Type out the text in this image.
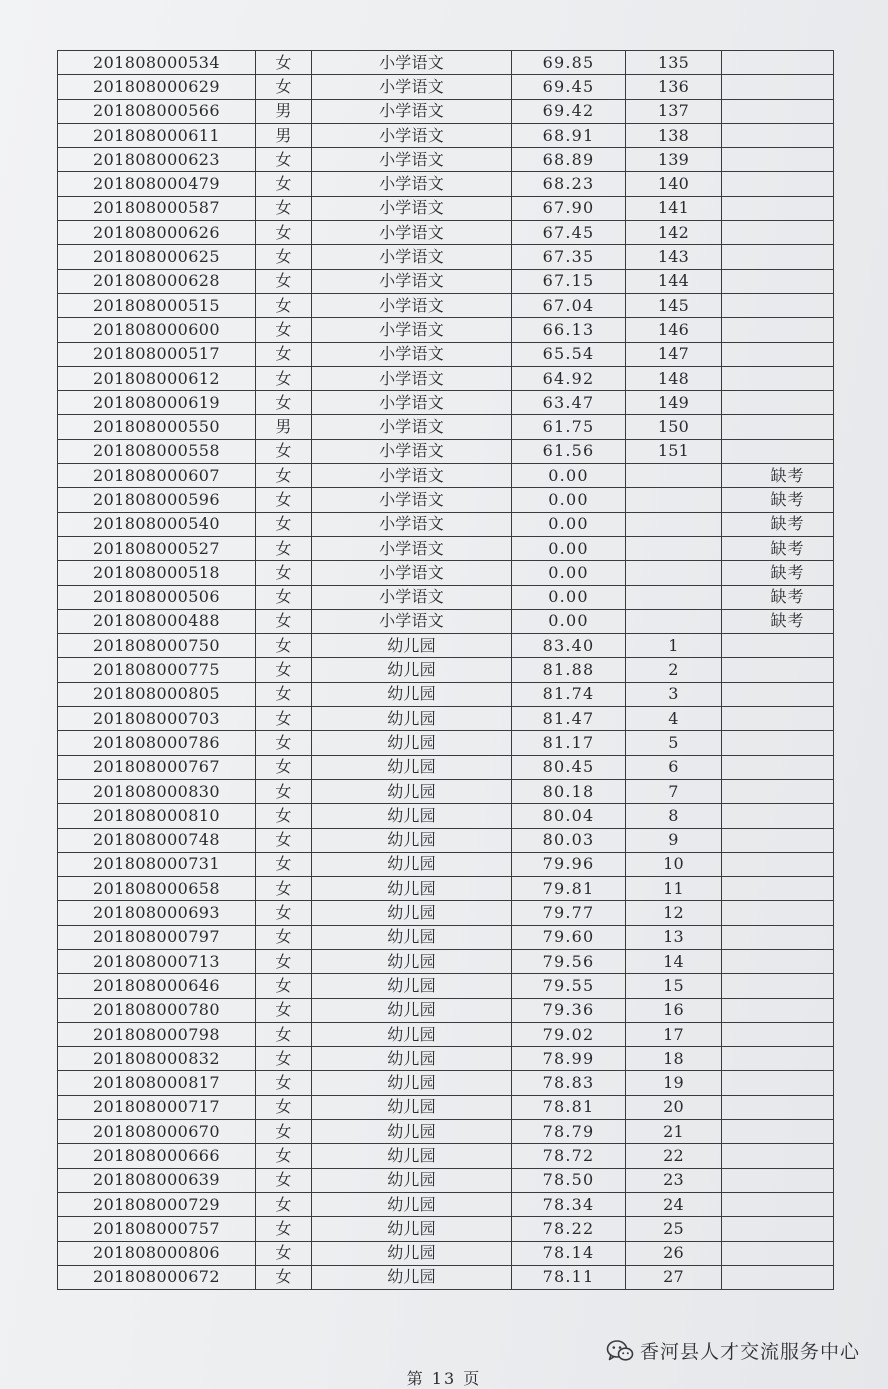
201808000534	女	小学语文	69.85	135	
201808000629	女	小学语文	69.45	136	
201808000566	男	小学语文	69.42	137	
201808000611	男	小学语文	68.91	138	
201808000623	女	小学语文	68.89	139	
201808000479	女	小学语文	68.23	140	
201808000587	女	小学语文	67.90	141	
201808000626	女	小学语文	67.45	142	
201808000625	女	小学语文	67.35	143	
201808000628	女	小学语文	67.15	144	
201808000515	女	小学语文	67.04	145	
201808000600	女	小学语文	66.13	146	
201808000517	女	小学语文	65.54	147	
201808000612	女	小学语文	64.92	148	
201808000619	女	小学语文	63.47	149	
201808000550	男	小学语文	61.75	150	
201808000558	女	小学语文	61.56	151	
201808000607	女	小学语文	0.00		缺考
201808000596	女	小学语文	0.00		缺考
201808000540	女	小学语文	0.00		缺考
201808000527	女	小学语文	0.00		缺考
201808000518	女	小学语文	0.00		缺考
201808000506	女	小学语文	0.00		缺考
201808000488	女	小学语文	0.00		缺考
201808000750	女	幼儿园	83.40	1	
201808000775	女	幼儿园	81.88	2	
201808000805	女	幼儿园	81.74	3	
201808000703	女	幼儿园	81.47	4	
201808000786	女	幼儿园	81.17	5	
201808000767	女	幼儿园	80.45	6	
201808000830	女	幼儿园	80.18	7	
201808000810	女	幼儿园	80.04	8	
201808000748	女	幼儿园	80.03	9	
201808000731	女	幼儿园	79.96	10	
201808000658	女	幼儿园	79.81	11	
201808000693	女	幼儿园	79.77	12	
201808000797	女	幼儿园	79.60	13	
201808000713	女	幼儿园	79.56	14	
201808000646	女	幼儿园	79.55	15	
201808000780	女	幼儿园	79.36	16	
201808000798	女	幼儿园	79.02	17	
201808000832	女	幼儿园	78.99	18	
201808000817	女	幼儿园	78.83	19	
201808000717	女	幼儿园	78.81	20	
201808000670	女	幼儿园	78.79	21	
201808000666	女	幼儿园	78.72	22	
201808000639	女	幼儿园	78.50	23	
201808000729	女	幼儿园	78.34	24	
201808000757	女	幼儿园	78.22	25	
201808000806	女	幼儿园	78.14	26	
201808000672	女	幼儿园	78.11	27	
第 13 页
香河县人才交流服务中心
